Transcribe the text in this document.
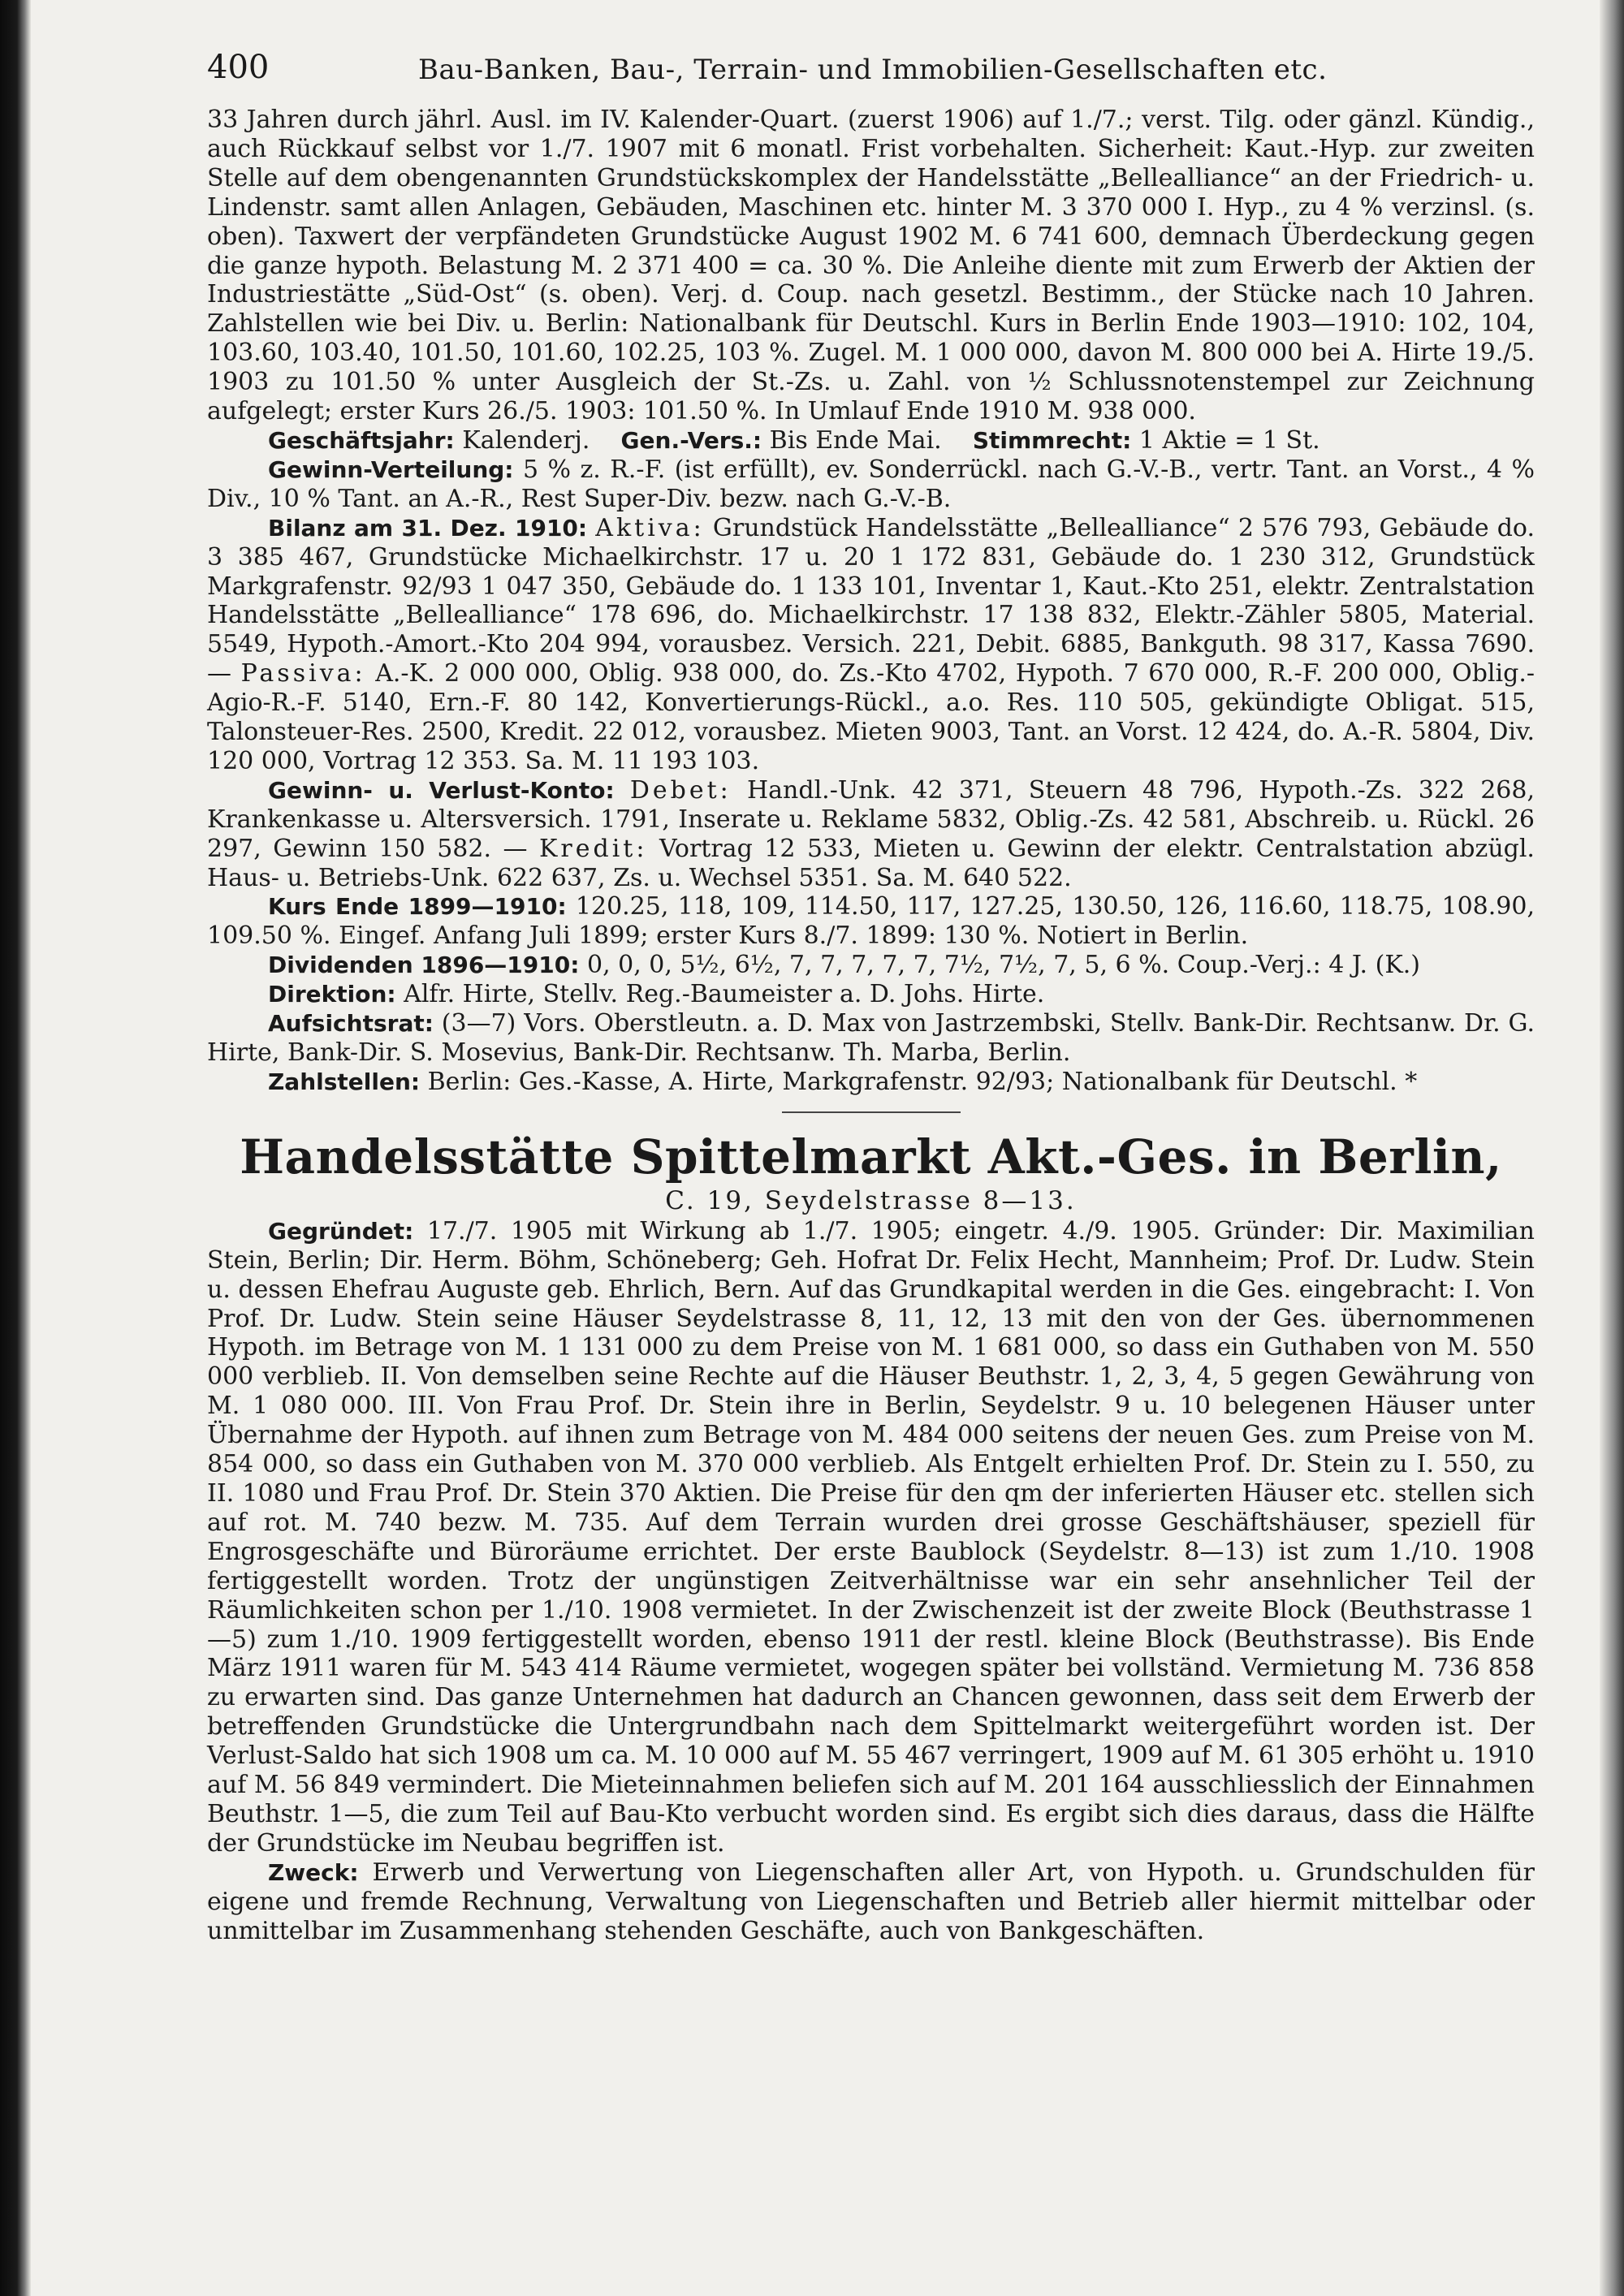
400	Bau-Banken, Bau-, Terrain- und Immobilien-Gesellschaften etc.

33 Jahren durch jährl. Ausl. im IV. Kalender-Quart. (zuerst 1906) auf 1./7.; verst. Tilg. oder gänzl. Kündig., auch Rückkauf selbst vor 1./7. 1907 mit 6 monatl. Frist vorbehalten. Sicherheit: Kaut.-Hyp. zur zweiten Stelle auf dem obengenannten Grundstückskomplex der Handelsstätte „Bellealliance“ an der Friedrich- u. Lindenstr. samt allen Anlagen, Gebäuden, Maschinen etc. hinter M. 3 370 000 I. Hyp., zu 4 % verzinsl. (s. oben). Taxwert der verpfändeten Grundstücke August 1902 M. 6 741 600, demnach Überdeckung gegen die ganze hypoth. Belastung M. 2 371 400 = ca. 30 %. Die Anleihe diente mit zum Erwerb der Aktien der Industriestätte „Süd-Ost“ (s. oben). Verj. d. Coup. nach gesetzl. Bestimm., der Stücke nach 10 Jahren. Zahlstellen wie bei Div. u. Berlin: Nationalbank für Deutschl. Kurs in Berlin Ende 1903—1910: 102, 104, 103.60, 103.40, 101.50, 101.60, 102.25, 103 %. Zugel. M. 1 000 000, davon M. 800 000 bei A. Hirte 19./5. 1903 zu 101.50 % unter Ausgleich der St.-Zs. u. Zahl. von ½ Schlussnotenstempel zur Zeichnung aufgelegt; erster Kurs 26./5. 1903: 101.50 %. In Umlauf Ende 1910 M. 938 000.

Geschäftsjahr: Kalenderj. Gen.-Vers.: Bis Ende Mai. Stimmrecht: 1 Aktie = 1 St.

Gewinn-Verteilung: 5 % z. R.-F. (ist erfüllt), ev. Sonderrückl. nach G.-V.-B., vertr. Tant. an Vorst., 4 % Div., 10 % Tant. an A.-R., Rest Super-Div. bezw. nach G.-V.-B.

Bilanz am 31. Dez. 1910: Aktiva: Grundstück Handelsstätte „Bellealliance“ 2 576 793, Gebäude do. 3 385 467, Grundstücke Michaelkirchstr. 17 u. 20 1 172 831, Gebäude do. 1 230 312, Grundstück Markgrafenstr. 92/93 1 047 350, Gebäude do. 1 133 101, Inventar 1, Kaut.-Kto 251, elektr. Zentralstation Handelsstätte „Bellealliance“ 178 696, do. Michaelkirchstr. 17 138 832, Elektr.-Zähler 5805, Material. 5549, Hypoth.-Amort.-Kto 204 994, vorausbez. Versich. 221, Debit. 6885, Bankguth. 98 317, Kassa 7690. — Passiva: A.-K. 2 000 000, Oblig. 938 000, do. Zs.-Kto 4702, Hypoth. 7 670 000, R.-F. 200 000, Oblig.-Agio-R.-F. 5140, Ern.-F. 80 142, Konvertierungs-Rückl., a.o. Res. 110 505, gekündigte Obligat. 515, Talonsteuer-Res. 2500, Kredit. 22 012, vorausbez. Mieten 9003, Tant. an Vorst. 12 424, do. A.-R. 5804, Div. 120 000, Vortrag 12 353. Sa. M. 11 193 103.

Gewinn- u. Verlust-Konto: Debet: Handl.-Unk. 42 371, Steuern 48 796, Hypoth.-Zs. 322 268, Krankenkasse u. Altersversich. 1791, Inserate u. Reklame 5832, Oblig.-Zs. 42 581, Abschreib. u. Rückl. 26 297, Gewinn 150 582. — Kredit: Vortrag 12 533, Mieten u. Gewinn der elektr. Centralstation abzügl. Haus- u. Betriebs-Unk. 622 637, Zs. u. Wechsel 5351. Sa. M. 640 522.

Kurs Ende 1899—1910: 120.25, 118, 109, 114.50, 117, 127.25, 130.50, 126, 116.60, 118.75, 108.90, 109.50 %. Eingef. Anfang Juli 1899; erster Kurs 8./7. 1899: 130 %. Notiert in Berlin.

Dividenden 1896—1910: 0, 0, 0, 5½, 6½, 7, 7, 7, 7, 7, 7½, 7½, 7, 5, 6 %. Coup.-Verj.: 4 J. (K.)

Direktion: Alfr. Hirte, Stellv. Reg.-Baumeister a. D. Johs. Hirte.

Aufsichtsrat: (3—7) Vors. Oberstleutn. a. D. Max von Jastrzembski, Stellv. Bank-Dir. Rechtsanw. Dr. G. Hirte, Bank-Dir. S. Mosevius, Bank-Dir. Rechtsanw. Th. Marba, Berlin.

Zahlstellen: Berlin: Ges.-Kasse, A. Hirte, Markgrafenstr. 92/93; Nationalbank für Deutschl. *

Handelsstätte Spittelmarkt Akt.-Ges. in Berlin,
C. 19, Seydelstrasse 8—13.

Gegründet: 17./7. 1905 mit Wirkung ab 1./7. 1905; eingetr. 4./9. 1905. Gründer: Dir. Maximilian Stein, Berlin; Dir. Herm. Böhm, Schöneberg; Geh. Hofrat Dr. Felix Hecht, Mannheim; Prof. Dr. Ludw. Stein u. dessen Ehefrau Auguste geb. Ehrlich, Bern. Auf das Grundkapital werden in die Ges. eingebracht: I. Von Prof. Dr. Ludw. Stein seine Häuser Seydelstrasse 8, 11, 12, 13 mit den von der Ges. übernommenen Hypoth. im Betrage von M. 1 131 000 zu dem Preise von M. 1 681 000, so dass ein Guthaben von M. 550 000 verblieb. II. Von demselben seine Rechte auf die Häuser Beuthstr. 1, 2, 3, 4, 5 gegen Gewährung von M. 1 080 000. III. Von Frau Prof. Dr. Stein ihre in Berlin, Seydelstr. 9 u. 10 belegenen Häuser unter Übernahme der Hypoth. auf ihnen zum Betrage von M. 484 000 seitens der neuen Ges. zum Preise von M. 854 000, so dass ein Guthaben von M. 370 000 verblieb. Als Entgelt erhielten Prof. Dr. Stein zu I. 550, zu II. 1080 und Frau Prof. Dr. Stein 370 Aktien. Die Preise für den qm der inferierten Häuser etc. stellen sich auf rot. M. 740 bezw. M. 735. Auf dem Terrain wurden drei grosse Geschäftshäuser, speziell für Engrosgeschäfte und Büroräume errichtet. Der erste Baublock (Seydelstr. 8—13) ist zum 1./10. 1908 fertiggestellt worden. Trotz der ungünstigen Zeitverhältnisse war ein sehr ansehnlicher Teil der Räumlichkeiten schon per 1./10. 1908 vermietet. In der Zwischenzeit ist der zweite Block (Beuthstrasse 1—5) zum 1./10. 1909 fertiggestellt worden, ebenso 1911 der restl. kleine Block (Beuthstrasse). Bis Ende März 1911 waren für M. 543 414 Räume vermietet, wogegen später bei vollständ. Vermietung M. 736 858 zu erwarten sind. Das ganze Unternehmen hat dadurch an Chancen gewonnen, dass seit dem Erwerb der betreffenden Grundstücke die Untergrundbahn nach dem Spittelmarkt weitergeführt worden ist. Der Verlust-Saldo hat sich 1908 um ca. M. 10 000 auf M. 55 467 verringert, 1909 auf M. 61 305 erhöht u. 1910 auf M. 56 849 vermindert. Die Mieteinnahmen beliefen sich auf M. 201 164 ausschliesslich der Einnahmen Beuthstr. 1—5, die zum Teil auf Bau-Kto verbucht worden sind. Es ergibt sich dies daraus, dass die Hälfte der Grundstücke im Neubau begriffen ist.

Zweck: Erwerb und Verwertung von Liegenschaften aller Art, von Hypoth. u. Grundschulden für eigene und fremde Rechnung, Verwaltung von Liegenschaften und Betrieb aller hiermit mittelbar oder unmittelbar im Zusammenhang stehenden Geschäfte, auch von Bankgeschäften.
